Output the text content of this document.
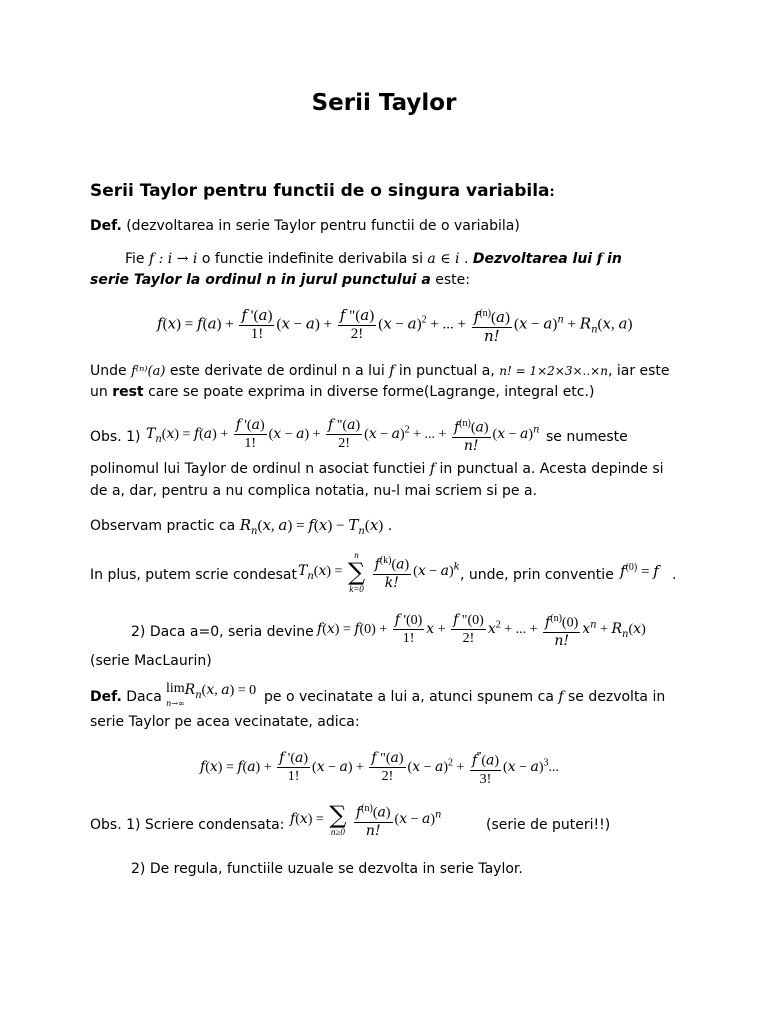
Serii Taylor
Serii Taylor pentru functii de o singura variabila:
Def. (dezvoltarea in serie Taylor pentru functii de o variabila)
Fie f : i → i o functie indefinite derivabila si a ∈ i . Dezvoltarea lui f in
serie Taylor la ordinul n in jurul punctului a este:
$f(x) = f(a) + \frac{f '(a)}{1!} (x - a) + \frac{f "(a)}{2!} (x - a)^2$ + ... + $\frac{f^{(n)}(a)}{n!} (x - a)^n + R_n(x$, a)
Unde f⁽ⁿ⁾(a) este derivate de ordinul n a lui f in punctual a, n! = 1×2×3×..×n, iar este
un rest care se poate exprima in diverse forme(Lagrange, integral etc.)
Obs. 1) $T_n(x) = f(a) + \frac{f '(a)}{1!} (x - a) + \frac{f "(a)}{2!} (x - a)^2$ + ... + $\frac{f^{(n)}(a)}{n!} (x - a)^n$ se numeste
polinomul lui Taylor de ordinul n asociat functiei f in punctual a. Acesta depinde si
de a, dar, pentru a nu complica notatia, nu-l mai scriem si pe a.
Observam practic ca $R_n(x$, $a) = f(x) - T_n(x)$ .
In plus, putem scrie condesat $T_n(x)$ =
n
∑
k=0
$\frac{f^{(k)}(a)}{k!} (x - a)^k$ , unde, prin conventie $f^{(0)} = f$ .
2) Daca a=0, seria devine $f(x) = f(0) + \frac{f '(0)}{1!}$ $x + \frac{f "(0)}{2!} x^2$ + ... + $\frac{f^{(n)}(0)}{n!} x^n + R_n(x)$
(serie MacLaurin)
Def. Daca
lim
$n\to\infty R_n(x$, a) = 0 pe o vecinatate a lui a, atunci spunem ca f se dezvolta in
serie Taylor pe acea vecinatate, adica:
$f(x) = f(a) + \frac{f '(a)}{1!} (x - a) + \frac{f "(a)}{2!} (x - a)^2 + \frac{f^‴(a)}{3!} (x - a)^3$...
Obs. 1) Scriere condensata: f(x) = ∑
n≥0
$\frac{f^{(n)}(a)}{n!} (x - a)^n$
(serie de puteri!!)
2) De regula, functiile uzuale se dezvolta in serie Taylor.
